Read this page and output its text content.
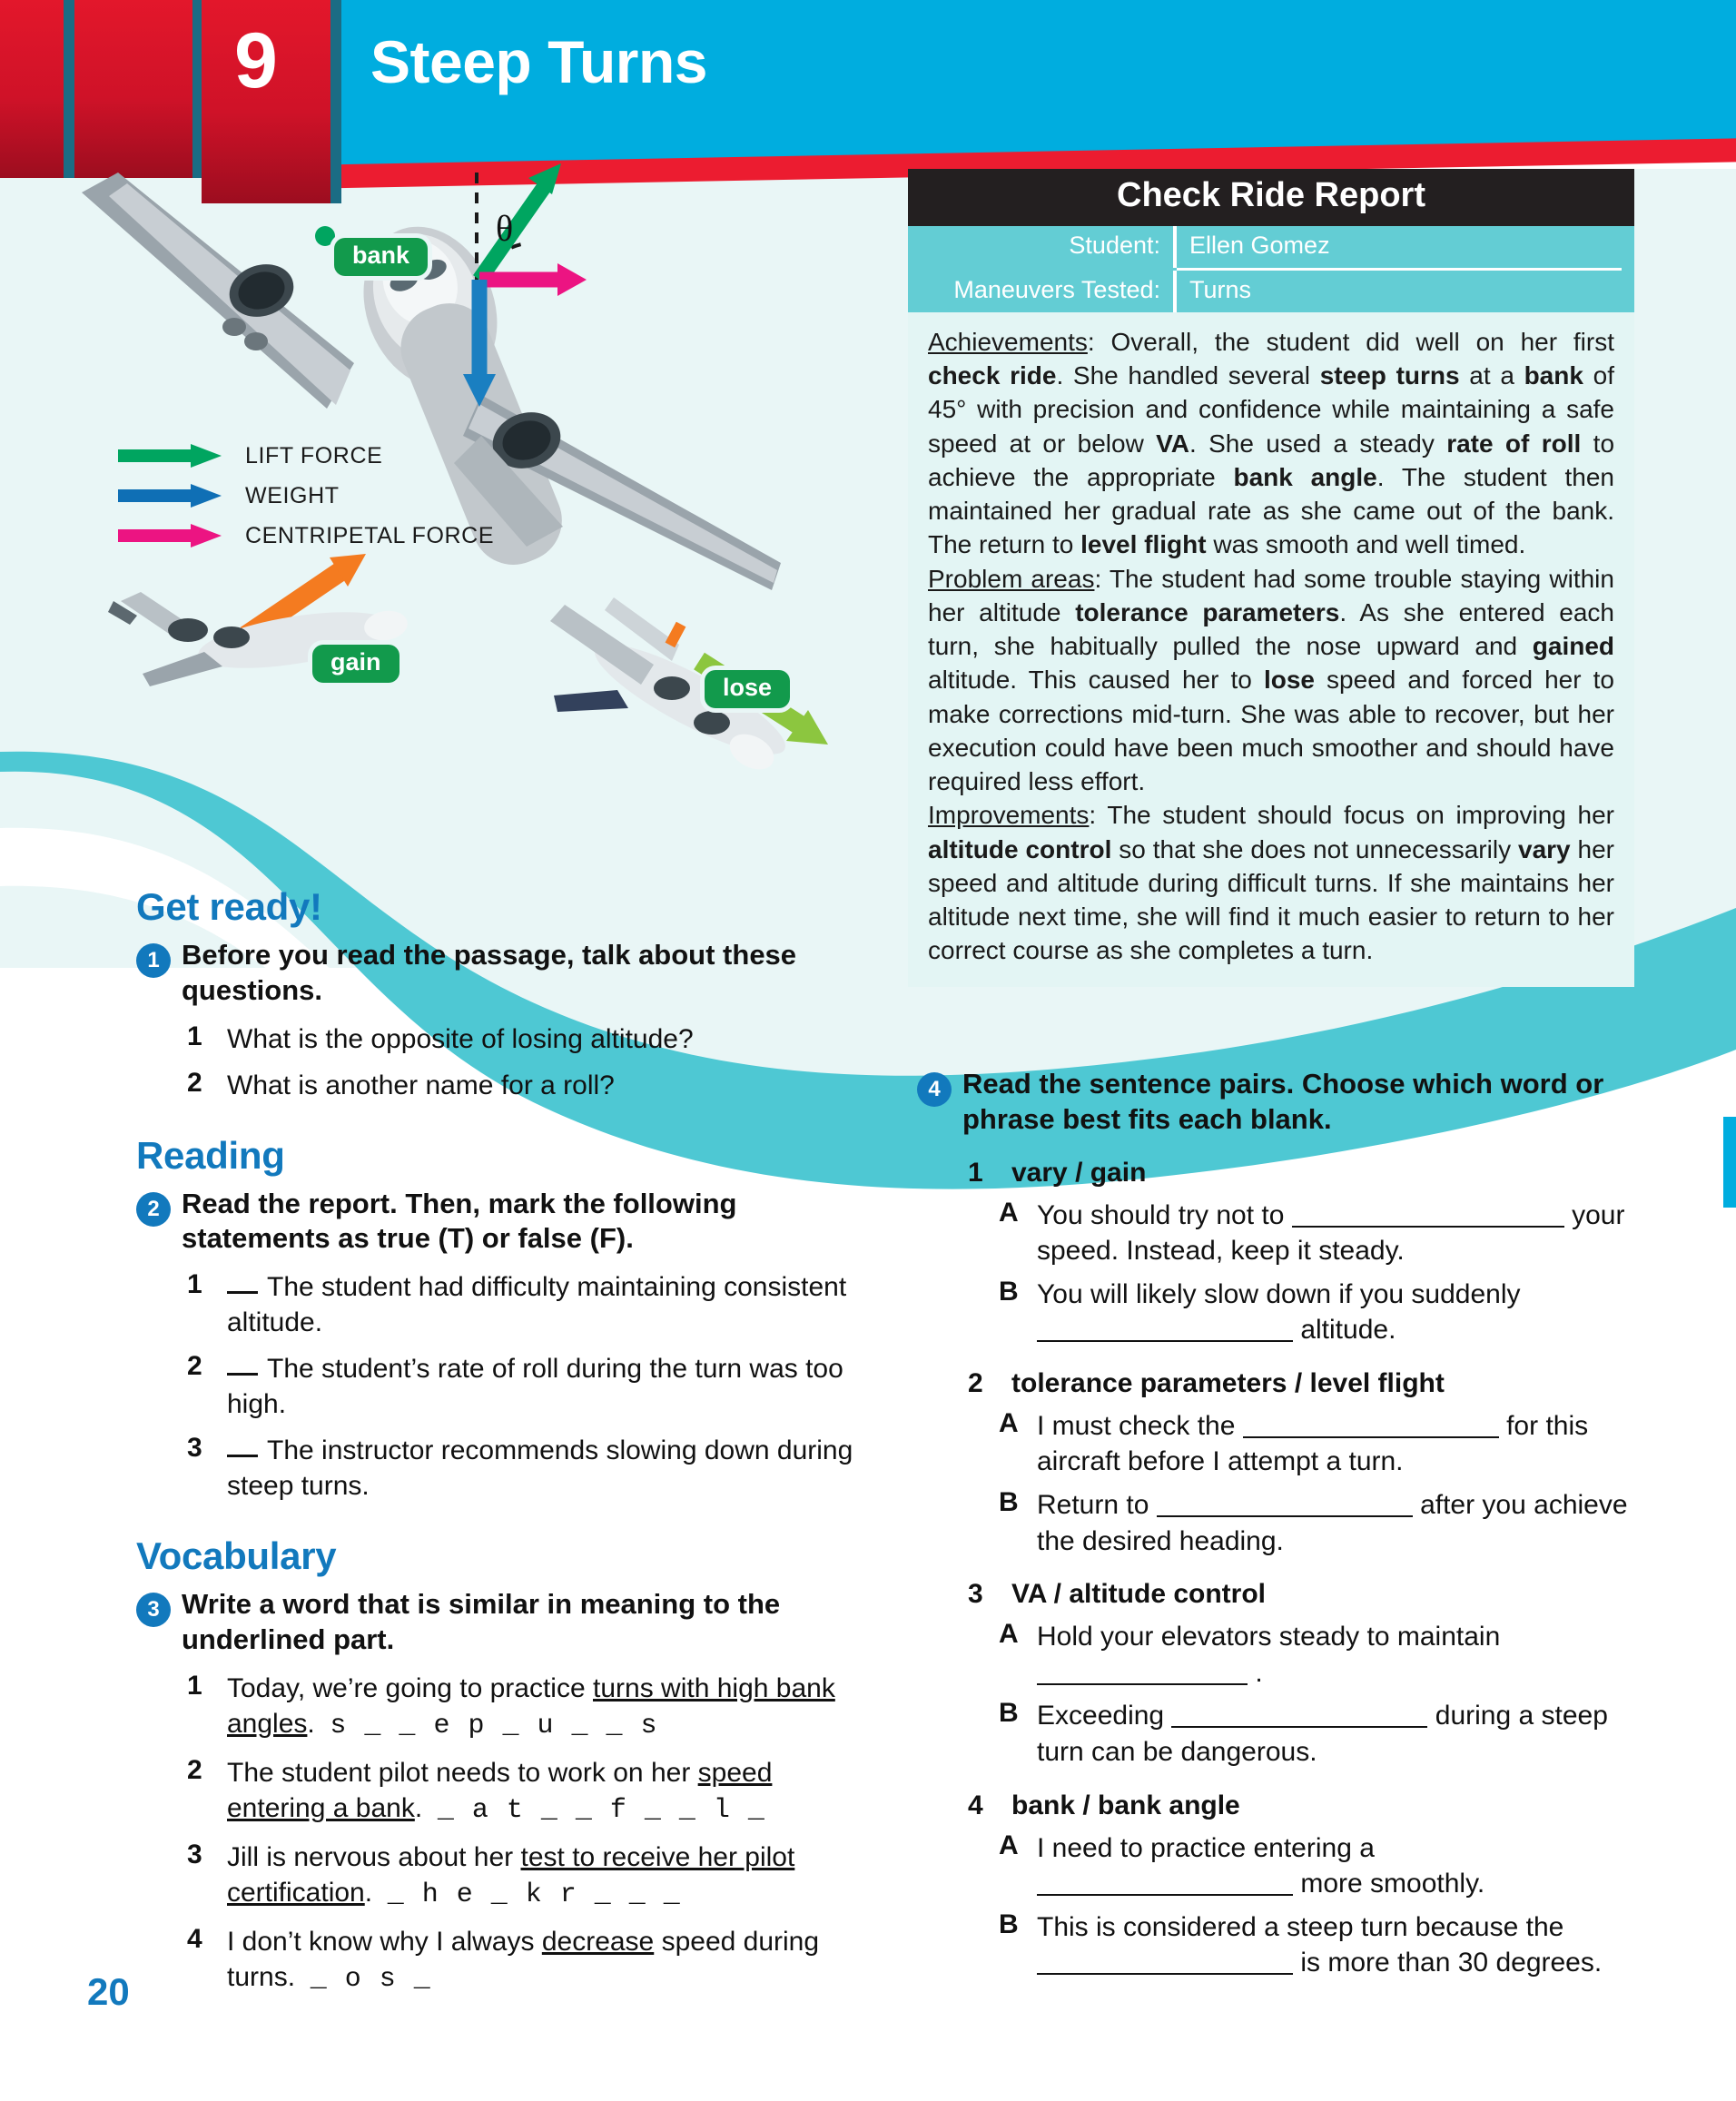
9 Steep Turns
θ
bank
gain
lose
LIFT FORCE
WEIGHT
CENTRIPETAL FORCE
Check Ride Report
Student:	Ellen Gomez
Maneuvers Tested:	Turns

Achievements: Overall, the student did well on her first check ride. She handled several steep turns at a bank of 45° with precision and confidence while maintaining a safe speed at or below VA. She used a steady rate of roll to achieve the appropriate bank angle. The student then maintained her gradual rate as she came out of the bank. The return to level flight was smooth and well timed.

Problem areas: The student had some trouble staying within her altitude tolerance parameters. As she entered each turn, she habitually pulled the nose upward and gained altitude. This caused her to lose speed and forced her to make corrections mid-turn. She was able to recover, but her execution could have been much smoother and should have required less effort.

Improvements: The student should focus on improving her altitude control so that she does not unnecessarily vary her speed and altitude during difficult turns. If she maintains her altitude next time, she will find it much easier to return to her correct course as she completes a turn.

Get ready!
1 Before you read the passage, talk about these questions.
1 What is the opposite of losing altitude?
2 What is another name for a roll?
Reading
2 Read the report. Then, mark the following statements as true (T) or false (F).
1	The student had difficulty maintaining consistent altitude.
2	The student’s rate of roll during the turn was too high.
3	The instructor recommends slowing down during steep turns.
Vocabulary
3 Write a word that is similar in meaning to the underlined part.
1 Today, we’re going to practice turns with high bank angles. s _ _ e p _ u _ _ s
2 The student pilot needs to work on her speed entering a bank. _ a t _ _ f _ _ l _
3 Jill is nervous about her test to receive her pilot certification. _ h e _ k r _ _ _
4 I don’t know why I always decrease speed during turns. _ o s _
4 Read the sentence pairs. Choose which word or phrase best fits each blank.
1	vary / gain
A You should try not to	your speed. Instead, keep it steady.
B You will likely slow down if you suddenly  altitude.
2	tolerance parameters / level flight
A I must check the	for this aircraft before I attempt a turn.
B Return to	after you achieve the desired heading.
3	VA / altitude control
A Hold your elevators steady to maintain
.
B Exceeding	during a steep turn can be dangerous.
4	bank / bank angle
A I need to practice entering a
more smoothly.
B This is considered a steep turn because the  is more than 30 degrees.
20
